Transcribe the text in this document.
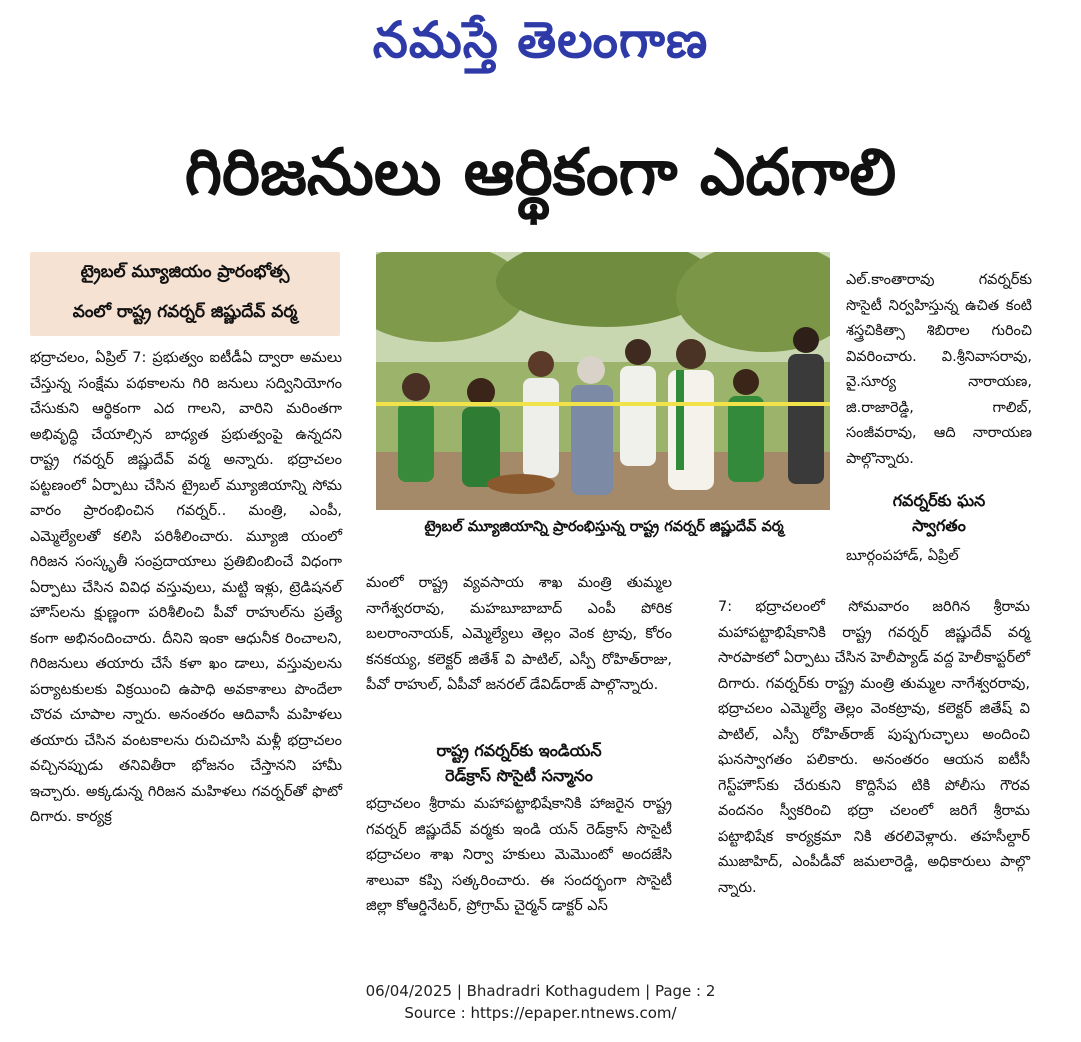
నమస్తే తెలంగాణ
గిరిజనులు ఆర్థికంగా ఎదగాలి
ట్రైబల్ మ్యూజియం ప్రారంభోత్స
వంలో రాష్ట్ర గవర్నర్ జిష్ణుదేవ్ వర్మ
ట్రైబల్ మ్యూజియాన్ని ప్రారంభిస్తున్న రాష్ట్ర గవర్నర్ జిష్ణుదేవ్ వర్మ
భద్రాచలం, ఏప్రిల్ 7: ప్రభుత్వం ఐటీడీఏ ద్వారా అమలు చేస్తున్న సంక్షేమ పథకాలను గిరి జనులు సద్వినియోగం చేసుకుని ఆర్థికంగా ఎద గాలని, వారిని మరింతగా అభివృద్ధి చేయాల్సిన బాధ్యత ప్రభుత్వంపై ఉన్నదని రాష్ట్ర గవర్నర్ జిష్ణుదేవ్ వర్మ అన్నారు. భద్రాచలం పట్టణంలో ఏర్పాటు చేసిన ట్రైబల్ మ్యూజియాన్ని సోమ వారం ప్రారంభించిన గవర్నర్.. మంత్రి, ఎంపీ, ఎమ్మెల్యేలతో కలిసి పరిశీలించారు. మ్యూజి యంలో గిరిజన సంస్కృతీ సంప్రదాయాలు ప్రతిబింబించే విధంగా ఏర్పాటు చేసిన వివిధ వస్తువులు, మట్టి ఇళ్లు, ట్రెడిషనల్ హౌస్‌లను క్షుణ్ణంగా పరిశీలించి పీవో రాహుల్‌ను ప్రత్యే కంగా అభినందించారు. దీనిని ఇంకా ఆధునీక రించాలని, గిరిజనులు తయారు చేసే కళా ఖం డాలు, వస్తువులను పర్యాటకులకు విక్రయించి ఉపాధి అవకాశాలు పొందేలా చొరవ చూపాల న్నారు. అనంతరం ఆదివాసీ మహిళలు తయారు చేసిన వంటకాలను రుచిచూసి మళ్లీ భద్రాచలం వచ్చినప్పుడు తనివితీరా భోజనం చేస్తానని హామీ ఇచ్చారు. అక్కడున్న గిరిజన మహిళలు గవర్నర్‌తో ఫొటో దిగారు. కార్యక్ర
ఎల్.కాంతారావు గవర్నర్‌కు సొసైటీ నిర్వహిస్తున్న ఉచిత కంటి శస్త్రచికిత్సా శిబిరాల గురించి వివరించారు. వి.శ్రీనివాసరావు, వై.సూర్య నారాయణ, జి.రాజారెడ్డి, గాలిబ్, సంజీవరావు, ఆది నారాయణ పాల్గొన్నారు.
గవర్నర్‌కు ఘన
స్వాగతం
బూర్గంపహాడ్, ఏప్రిల్
మంలో రాష్ట్ర వ్యవసాయ శాఖ మంత్రి తుమ్మల నాగేశ్వరరావు, మహబూబాబాద్ ఎంపీ పోరిక బలరాంనాయక్, ఎమ్మెల్యేలు తెల్లం వెంక ట్రావు, కోరం కనకయ్య, కలెక్టర్ జితేశ్ వి పాటిల్, ఎస్పీ రోహిత్‌రాజు, పీవో రాహుల్, ఏపీవో జనరల్ డేవిడ్‌రాజ్ పాల్గొన్నారు.
రాష్ట్ర గవర్నర్‌కు ఇండియన్
రెడ్‌క్రాస్ సొసైటీ సన్మానం
భద్రాచలం శ్రీరామ మహాపట్టాభిషేకానికి హాజరైన రాష్ట్ర గవర్నర్ జిష్ణుదేవ్ వర్మకు ఇండి యన్ రెడ్‌క్రాస్ సొసైటీ భద్రాచలం శాఖ నిర్వా హకులు మెమొంటో అందజేసి శాలువా కప్పి సత్కరించారు. ఈ సందర్భంగా సొసైటీ జిల్లా కోఆర్డినేటర్, ప్రోగ్రామ్ చైర్మన్ డాక్టర్ ఎస్
7: భద్రాచలంలో సోమవారం జరిగిన శ్రీరామ మహాపట్టాభిషేకానికి రాష్ట్ర గవర్నర్ జిష్ణుదేవ్ వర్మ సారపాకలో ఏర్పాటు చేసిన హెలీప్యాడ్ వద్ద హెలీకాప్టర్‌లో దిగారు. గవర్నర్‌కు రాష్ట్ర మంత్రి తుమ్మల నాగేశ్వరరావు, భద్రాచలం ఎమ్మెల్యే తెల్లం వెంకట్రావు, కలెక్టర్ జితేష్ వి పాటిల్, ఎస్పీ రోహిత్‌రాజ్ పుష్పగుచ్ఛాలు అందించి ఘనస్వాగతం పలికారు. అనంతరం ఆయన ఐటీసీ గెస్ట్‌హౌస్‌కు చేరుకుని కొద్దిసేప టికి పోలీసు గౌరవ వందనం స్వీకరించి భద్రా చలంలో జరిగే శ్రీరామ పట్టాభిషేక కార్యక్రమా నికి తరలివెళ్లారు. తహసీల్దార్ ముజాహిద్, ఎంపీడీవో జమలారెడ్డి, అధికారులు పాల్గొ న్నారు.
06/04/2025 | Bhadradri Kothagudem | Page : 2
Source : https://epaper.ntnews.com/
